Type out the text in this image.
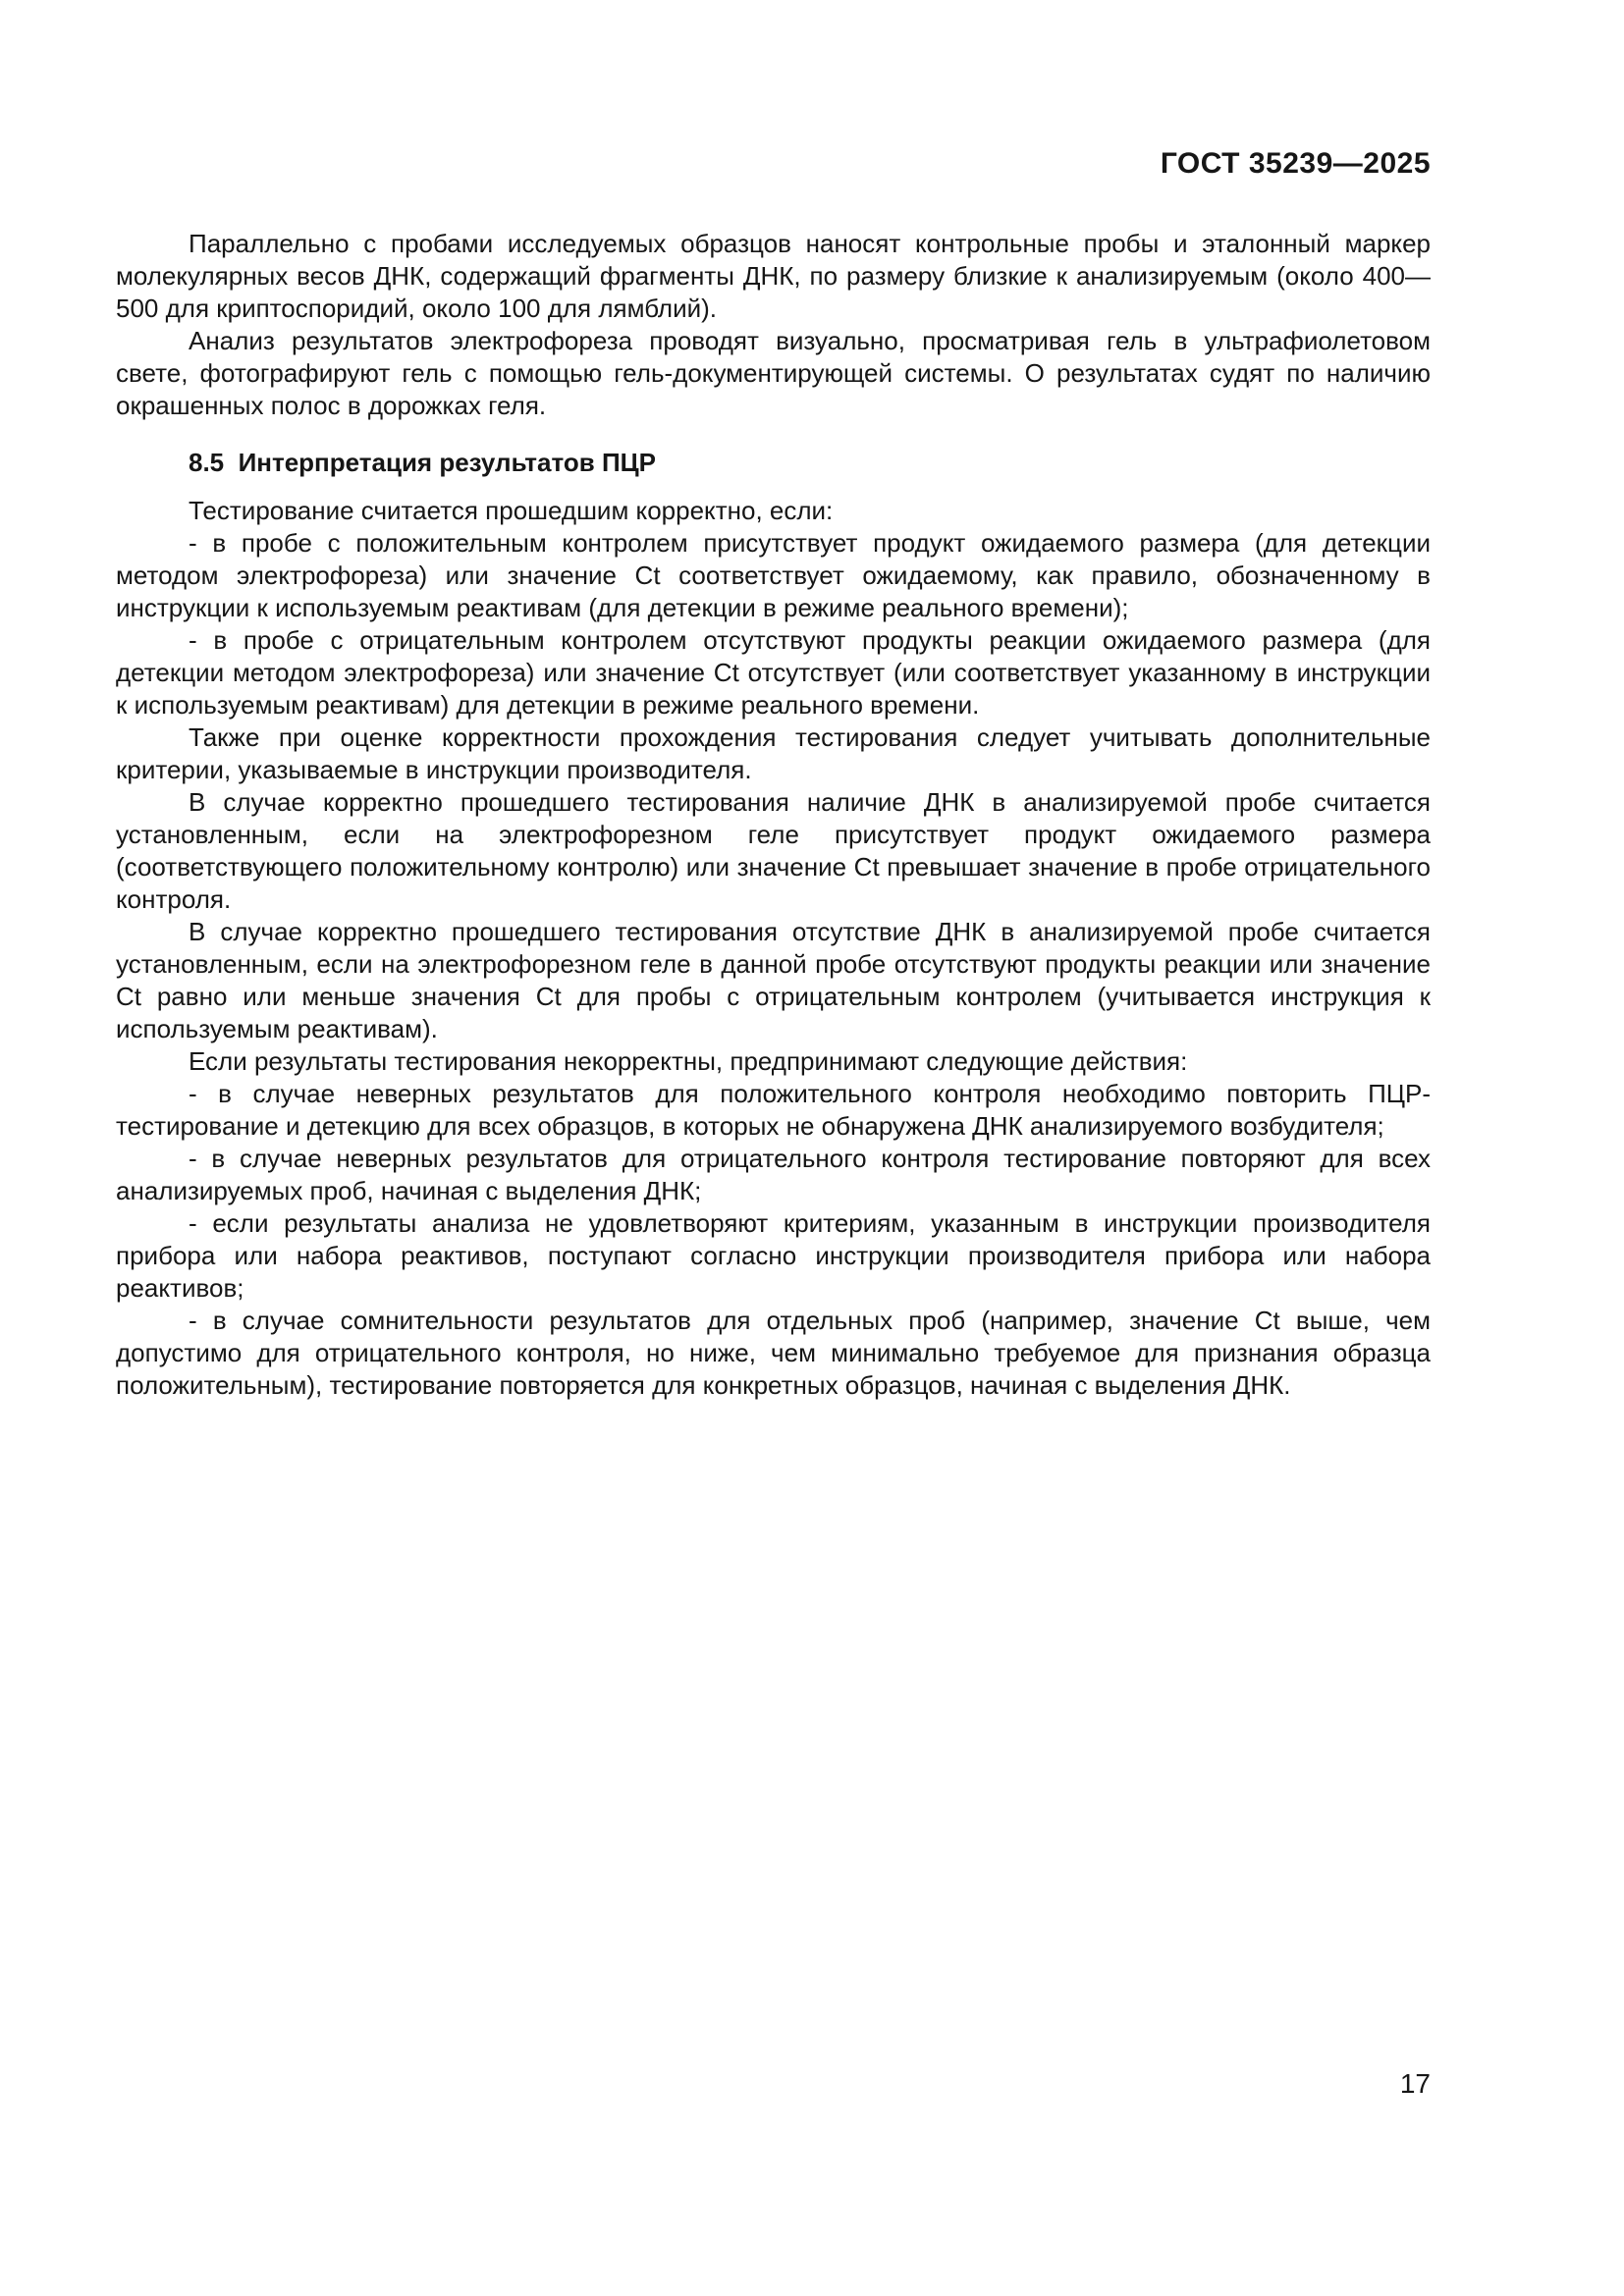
ГОСТ 35239—2025

Параллельно с пробами исследуемых образцов наносят контрольные пробы и эталонный маркер молекулярных весов ДНК, содержащий фрагменты ДНК, по размеру близкие к анализируемым (около 400—500 для криптоспоридий, около 100 для лямблий).

Анализ результатов электрофореза проводят визуально, просматривая гель в ультрафиолетовом свете, фотографируют гель с помощью гель-документирующей системы. О результатах судят по наличию окрашенных полос в дорожках геля.

8.5  Интерпретация результатов ПЦР

Тестирование считается прошедшим корректно, если:

- в пробе с положительным контролем присутствует продукт ожидаемого размера (для детекции методом электрофореза) или значение Ct соответствует ожидаемому, как правило, обозначенному в инструкции к используемым реактивам (для детекции в режиме реального времени);

- в пробе с отрицательным контролем отсутствуют продукты реакции ожидаемого размера (для детекции методом электрофореза) или значение Ct отсутствует (или соответствует указанному в инструкции к используемым реактивам) для детекции в режиме реального времени.

Также при оценке корректности прохождения тестирования следует учитывать дополнительные критерии, указываемые в инструкции производителя.

В случае корректно прошедшего тестирования наличие ДНК в анализируемой пробе считается установленным, если на электрофорезном геле присутствует продукт ожидаемого размера (соответствующего положительному контролю) или значение Ct превышает значение в пробе отрицательного контроля.

В случае корректно прошедшего тестирования отсутствие ДНК в анализируемой пробе считается установленным, если на электрофорезном геле в данной пробе отсутствуют продукты реакции или значение Ct равно или меньше значения Ct для пробы с отрицательным контролем (учитывается инструкция к используемым реактивам).

Если результаты тестирования некорректны, предпринимают следующие действия:

- в случае неверных результатов для положительного контроля необходимо повторить ПЦР-тестирование и детекцию для всех образцов, в которых не обнаружена ДНК анализируемого возбудителя;

- в случае неверных результатов для отрицательного контроля тестирование повторяют для всех анализируемых проб, начиная с выделения ДНК;

- если результаты анализа не удовлетворяют критериям, указанным в инструкции производителя прибора или набора реактивов, поступают согласно инструкции производителя прибора или набора реактивов;

- в случае сомнительности результатов для отдельных проб (например, значение Ct выше, чем допустимо для отрицательного контроля, но ниже, чем минимально требуемое для признания образца положительным), тестирование повторяется для конкретных образцов, начиная с выделения ДНК.

17
